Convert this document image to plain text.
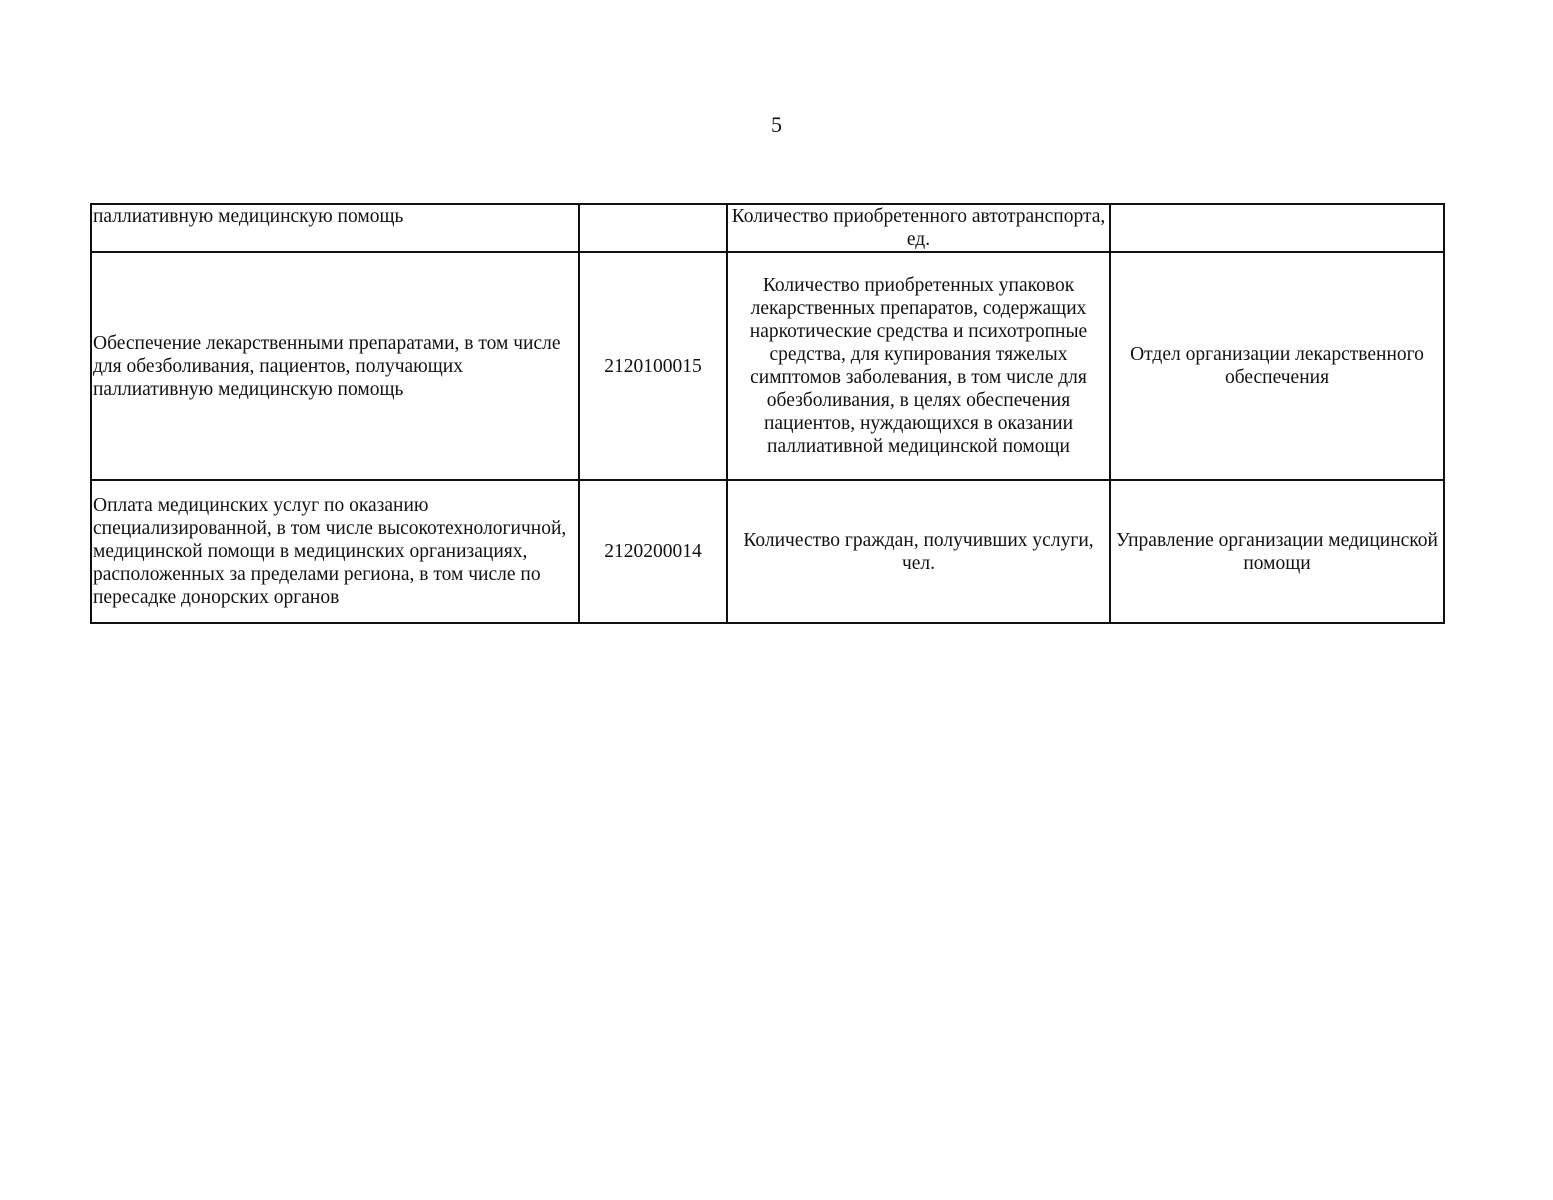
5
паллиативную медицинскую помощь		Количество приобретенного автотранспорта, ед.	
Обеспечение лекарственными препаратами, в том числе для обезболивания, пациентов, получающих паллиативную медицинскую помощь	2120100015	Количество приобретенных упаковок лекарственных препаратов, содержащих наркотические средства и психотропные средства, для купирования тяжелых симптомов заболевания, в том числе для обезболивания, в целях обеспечения пациентов, нуждающихся в оказании паллиативной медицинской помощи	Отдел организации лекарственного обеспечения
Оплата медицинских услуг по оказанию специализированной, в том числе высокотехнологичной, медицинской помощи в медицинских организациях, расположенных за пределами региона, в том числе по пересадке донорских органов	2120200014	Количество граждан, получивших услуги, чел.	Управление организации медицинской помощи
